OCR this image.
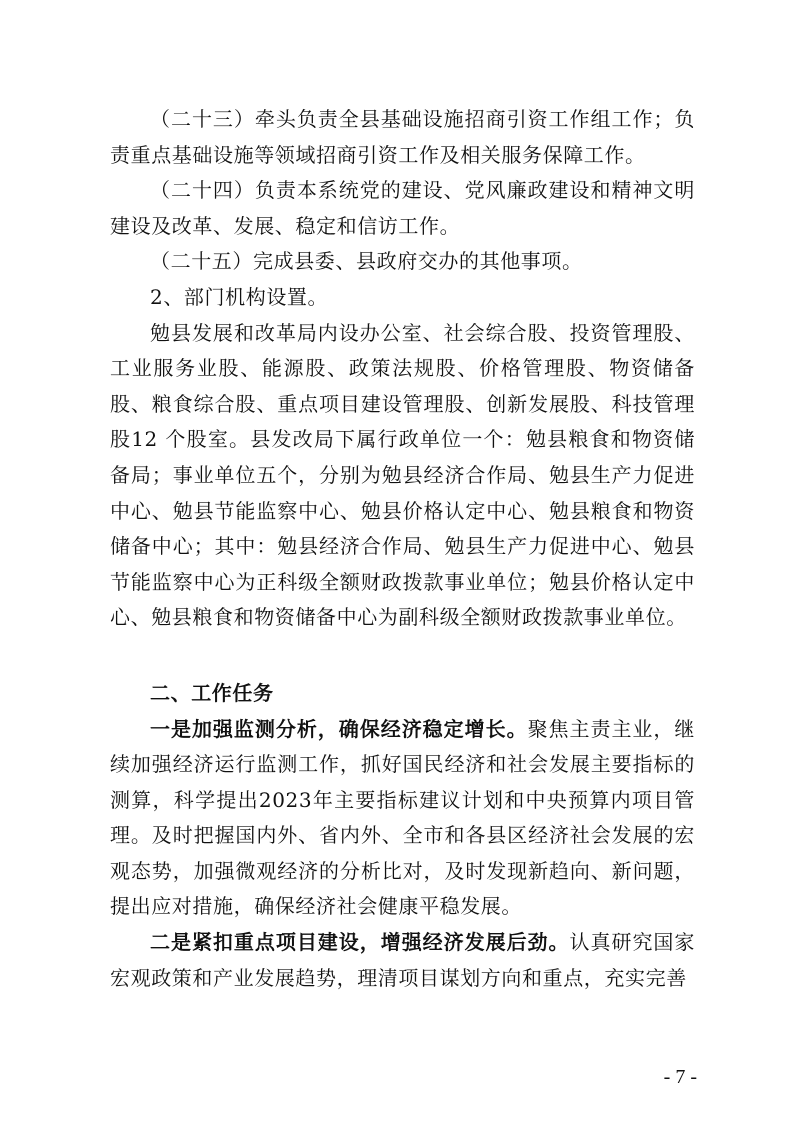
（二十三）牵头负责全县基础设施招商引资工作组工作；负责重点基础设施等领域招商引资工作及相关服务保障工作。

（二十四）负责本系统党的建设、党风廉政建设和精神文明建设及改革、发展、稳定和信访工作。

（二十五）完成县委、县政府交办的其他事项。

2、部门机构设置。

勉县发展和改革局内设办公室、社会综合股、投资管理股、工业服务业股、能源股、政策法规股、价格管理股、物资储备股、粮食综合股、重点项目建设管理股、创新发展股、科技管理股12 个股室。县发改局下属行政单位一个：勉县粮食和物资储备局；事业单位五个，分别为勉县经济合作局、勉县生产力促进中心、勉县节能监察中心、勉县价格认定中心、勉县粮食和物资储备中心；其中：勉县经济合作局、勉县生产力促进中心、勉县节能监察中心为正科级全额财政拨款事业单位；勉县价格认定中心、勉县粮食和物资储备中心为副科级全额财政拨款事业单位。

二、工作任务

一是加强监测分析，确保经济稳定增长。聚焦主责主业，继续加强经济运行监测工作，抓好国民经济和社会发展主要指标的测算，科学提出2023年主要指标建议计划和中央预算内项目管理。及时把握国内外、省内外、全市和各县区经济社会发展的宏观态势，加强微观经济的分析比对，及时发现新趋向、新问题，提出应对措施，确保经济社会健康平稳发展。

二是紧扣重点项目建设，增强经济发展后劲。认真研究国家宏观政策和产业发展趋势，理清项目谋划方向和重点，充实完善

- 7 -
